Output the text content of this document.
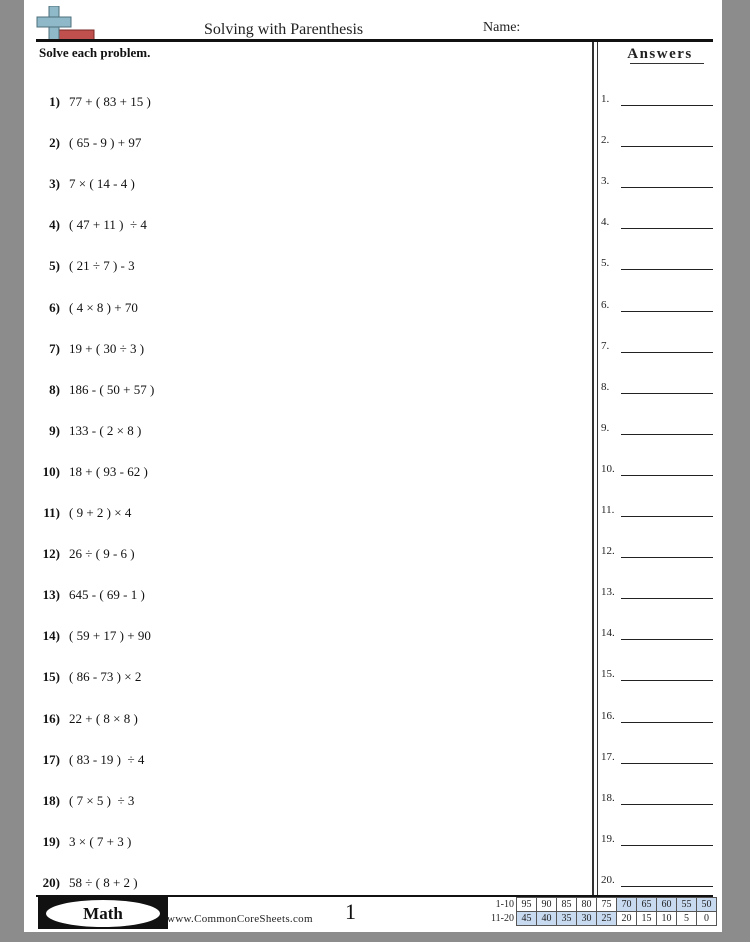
Solving with Parenthesis	Name:
Solve each problem.	Answers
1) 77 + ( 83 + 15 )
2) ( 65 - 9 ) + 97
3) 7 × ( 14 - 4 )
4) ( 47 + 11 )  ÷ 4
5) ( 21 ÷ 7 ) - 3
6) ( 4 × 8 ) + 70
7) 19 + ( 30 ÷ 3 )
8) 186 - ( 50 + 57 )
9) 133 - ( 2 × 8 )
10) 18 + ( 93 - 62 )
11) ( 9 + 2 ) × 4
12) 26 ÷ ( 9 - 6 )
13) 645 - ( 69 - 1 )
14) ( 59 + 17 ) + 90
15) ( 86 - 73 ) × 2
16) 22 + ( 8 × 8 )
17) ( 83 - 19 )  ÷ 4
18) ( 7 × 5 )  ÷ 3
19) 3 × ( 7 + 3 )
20) 58 ÷ ( 8 + 2 )
1.
2.
3.
4.
5.
6.
7.
8.
9.
10.
11.
12.
13.
14.
15.
16.
17.
18.
19.
20.
Math	www.CommonCoreSheets.com 1	1-10	95	90	85	80	75	70	65	60	55	50
11-20	45	40	35	30	25	20	15	10	5	0
